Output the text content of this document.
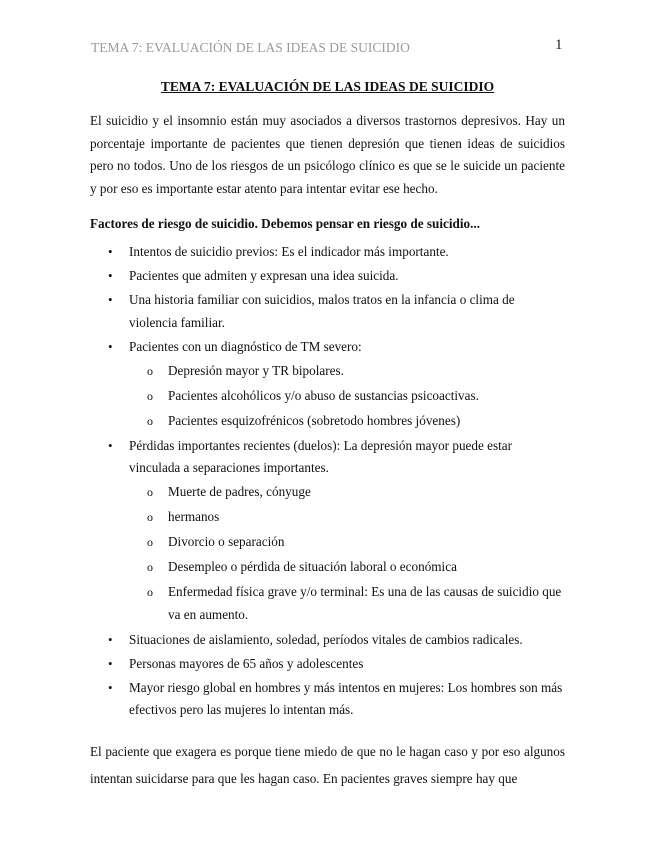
TEMA 7: EVALUACIÓN DE LAS IDEAS DE SUICIDIO	1
TEMA 7: EVALUACIÓN DE LAS IDEAS DE SUICIDIO

El suicidio y el insomnio están muy asociados a diversos trastornos depresivos. Hay un porcentaje importante de pacientes que tienen depresión que tienen ideas de suicidios pero no todos. Uno de los riesgos de un psicólogo clínico es que se le suicide un paciente y por eso es importante estar atento para intentar evitar ese hecho.

Factores de riesgo de suicidio. Debemos pensar en riesgo de suicidio...
• Intentos de suicidio previos: Es el indicador más importante.
• Pacientes que admiten y expresan una idea suicida.
• Una historia familiar con suicidios, malos tratos en la infancia o clima de violencia familiar.
• Pacientes con un diagnóstico de TM severo:
o Depresión mayor y TR bipolares.
o Pacientes alcohólicos y/o abuso de sustancias psicoactivas.
o Pacientes esquizofrénicos (sobretodo hombres jóvenes)
• Pérdidas importantes recientes (duelos): La depresión mayor puede estar vinculada a separaciones importantes.
o Muerte de padres, cónyuge
o hermanos
o Divorcio o separación
o Desempleo o pérdida de situación laboral o económica
o Enfermedad física grave y/o terminal: Es una de las causas de suicidio que va en aumento.
• Situaciones de aislamiento, soledad, períodos vitales de cambios radicales.
• Personas mayores de 65 años y adolescentes
• Mayor riesgo global en hombres y más intentos en mujeres: Los hombres son más efectivos pero las mujeres lo intentan más.

El paciente que exagera es porque tiene miedo de que no le hagan caso y por eso algunos intentan suicidarse para que les hagan caso. En pacientes graves siempre hay que
